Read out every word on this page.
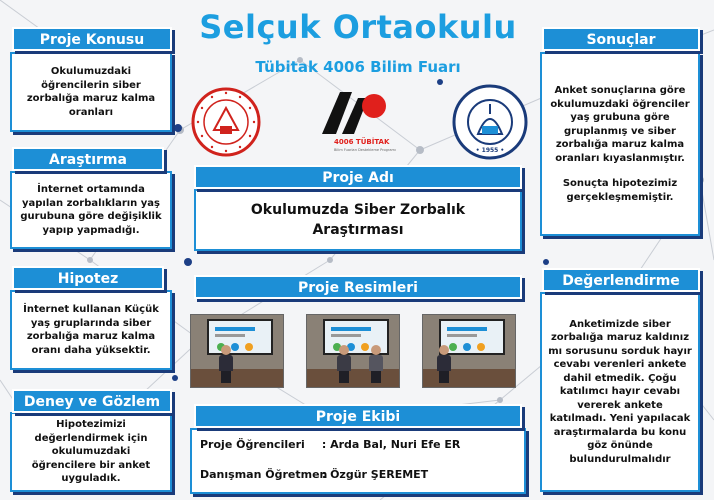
Selçuk Ortaokulu
Tübitak 4006 Bilim Fuarı
4006 TÜBİTAK
Bilim Fuarları Destekleme Programı	• 1955 •
Proje Konusu
Okulumuzdaki öğrencilerin siber zorbalığa maruz kalma oranları
Araştırma
İnternet ortamında yapılan zorbalıkların yaş gurubuna göre değişiklik yapıp yapmadığı.
Hipotez
İnternet kullanan Küçük yaş gruplarında siber zorbalığa maruz kalma oranı daha yüksektir.
Deney ve Gözlem
Hipotezimizi değerlendirmek için okulumuzdaki öğrencilere bir anket uyguladık.
Proje Adı
Okulumuzda Siber Zorbalık Araştırması
Proje Resimleri
Proje Ekibi
Proje Öğrencileri : Arda Bal, Nuri Efe ER
Danışman Öğretmen : Özgür ŞEREMET
Sonuçlar
Anket sonuçlarına göre okulumuzdaki öğrenciler yaş grubuna göre gruplanmış ve siber zorbalığa maruz kalma oranları kıyaslanmıştır.
Sonuçta hipotezimiz gerçekleşmemiştir.
Değerlendirme
Anketimizde siber zorbalığa maruz kaldınız mı sorusunu sorduk hayır cevabı verenleri ankete dahil etmedik. Çoğu katılımcı hayır cevabı vererek ankete katılmadı. Yeni yapılacak araştırmalarda bu konu göz önünde bulundurulmalıdır
